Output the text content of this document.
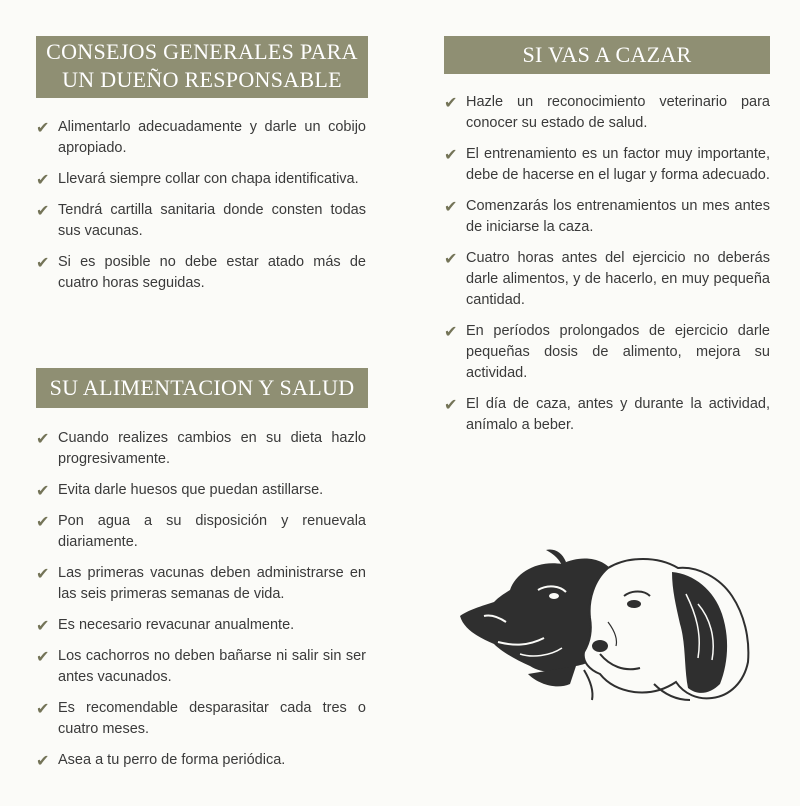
CONSEJOS GENERALES PARA
UN DUEÑO RESPONSABLE
✔ Alimentarlo adecuadamente y darle un cobijo apropiado.
✔ Llevará siempre collar con chapa identificativa.
✔ Tendrá cartilla sanitaria donde consten todas sus vacunas.
✔ Si es posible no debe estar atado más de cuatro horas seguidas.
SU ALIMENTACION Y SALUD
✔ Cuando realizes cambios en su dieta hazlo progresivamente.
✔ Evita darle huesos que puedan astillarse.
✔ Pon agua a su disposición y renuevala diariamente.
✔ Las primeras vacunas deben administrarse en las seis primeras semanas de vida.
✔ Es necesario revacunar anualmente.
✔ Los cachorros no deben bañarse ni salir sin ser antes vacunados.
✔ Es recomendable desparasitar cada tres o cuatro meses.
✔ Asea a tu perro de forma periódica.
SI VAS A CAZAR
✔ Hazle un reconocimiento veterinario para conocer su estado de salud.
✔ El entrenamiento es un factor muy importante, debe de hacerse en el lugar y forma adecuado.
✔ Comenzarás los entrenamientos un mes antes de iniciarse la caza.
✔ Cuatro horas antes del ejercicio no deberás darle alimentos, y de hacerlo, en muy pequeña cantidad.
✔ En períodos prolongados de ejercicio darle pequeñas dosis de alimento, mejora su actividad.
✔ El día de caza, antes y durante la actividad, anímalo a beber.
